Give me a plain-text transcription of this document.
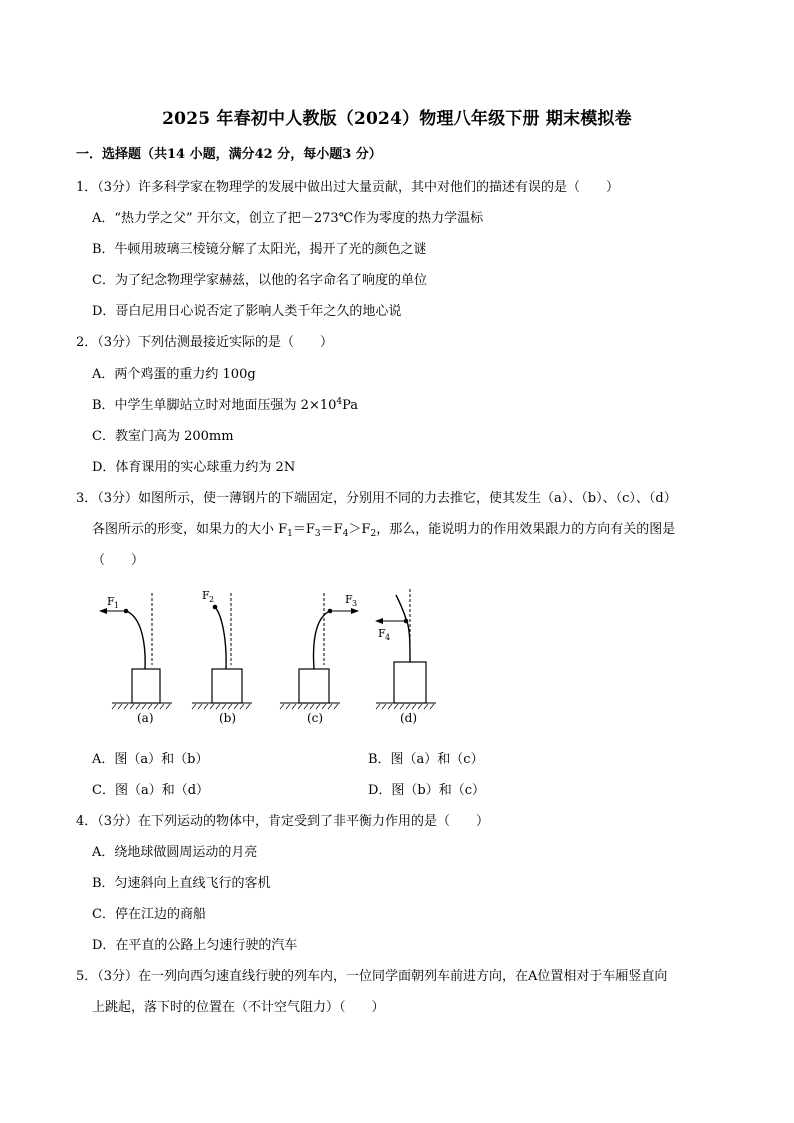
2025 年春初中人教版（2024）物理八年级下册 期末模拟卷
一．选择题（共14 小题，满分42 分，每小题3 分）
1．（3分）许多科学家在物理学的发展中做出过大量贡献，其中对他们的描述有误的是（　　）
A．“热力学之父” 开尔文，创立了把－273℃作为零度的热力学温标
B．牛顿用玻璃三棱镜分解了太阳光，揭开了光的颜色之谜
C．为了纪念物理学家赫兹，以他的名字命名了响度的单位
D．哥白尼用日心说否定了影响人类千年之久的地心说
2．（3分）下列估测最接近实际的是（　　）
A．两个鸡蛋的重力约 100g
B．中学生单脚站立时对地面压强为 $2\times 10^4Pa$
C．教室门高为 200mm
D．体育课用的实心球重力约为 2N
3．（3分）如图所示，使一薄钢片的下端固定，分别用不同的力去推它，使其发生（a）、（b）、（c）、（d）
各图所示的形变，如果力的大小 $F_1=F_3=F_4>F_2$，那么，能说明力的作用效果跟力的方向有关的图是
（　　）
F 1
(a)
F 2
(b)
F 3
(c)
F 4
(d)
A．图（a）和（b）	B．图（a）和（c）
C．图（a）和（d）	D．图（b）和（c）
4．（3分）在下列运动的物体中，肯定受到了非平衡力作用的是（　　）
A．绕地球做圆周运动的月亮
B．匀速斜向上直线飞行的客机
C．停在江边的商船
D．在平直的公路上匀速行驶的汽车
5．（3分）在一列向西匀速直线行驶的列车内，一位同学面朝列车前进方向，在A位置相对于车厢竖直向
上跳起，落下时的位置在（不计空气阻力）（　　）
